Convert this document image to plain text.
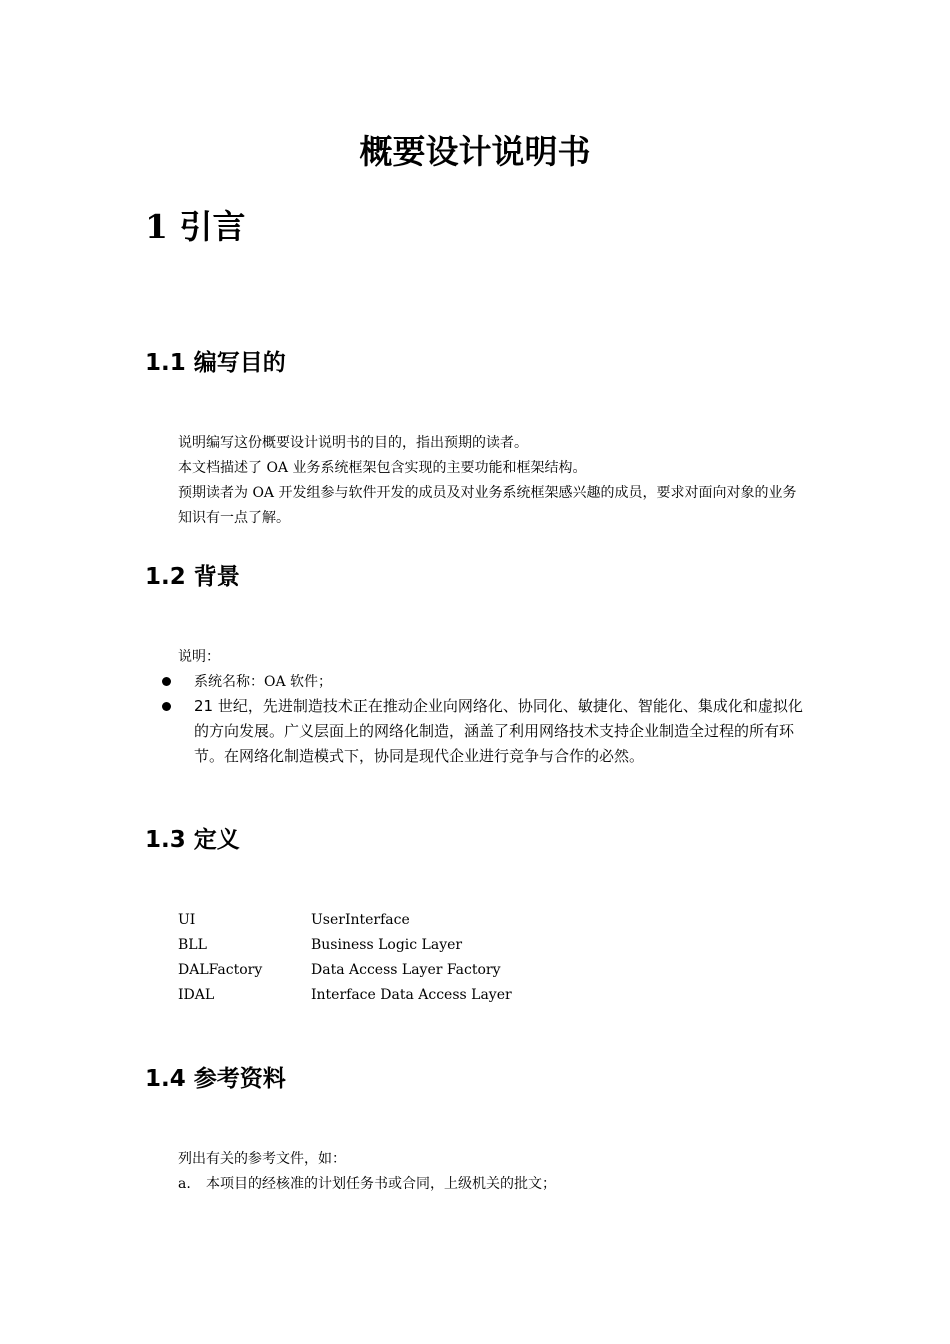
概要设计说明书
1 引言
1.1 编写目的
说明编写这份概要设计说明书的目的，指出预期的读者。
本文档描述了 OA 业务系统框架包含实现的主要功能和框架结构。
预期读者为 OA 开发组参与软件开发的成员及对业务系统框架感兴趣的成员，要求对面向对象的业务知识有一点了解。
1.2 背景
说明：
系统名称：OA 软件；
21 世纪，先进制造技术正在推动企业向网络化、协同化、敏捷化、智能化、集成化和虚拟化的方向发展。广义层面上的网络化制造，涵盖了利用网络技术支持企业制造全过程的所有环节。在网络化制造模式下，协同是现代企业进行竞争与合作的必然。
1.3 定义
UI	UserInterface
BLL	Business Logic Layer
DALFactory	Data Access Layer Factory
IDAL	Interface Data Access Layer
1.4 参考资料
列出有关的参考文件，如：
a. 本项目的经核准的计划任务书或合同，上级机关的批文；
